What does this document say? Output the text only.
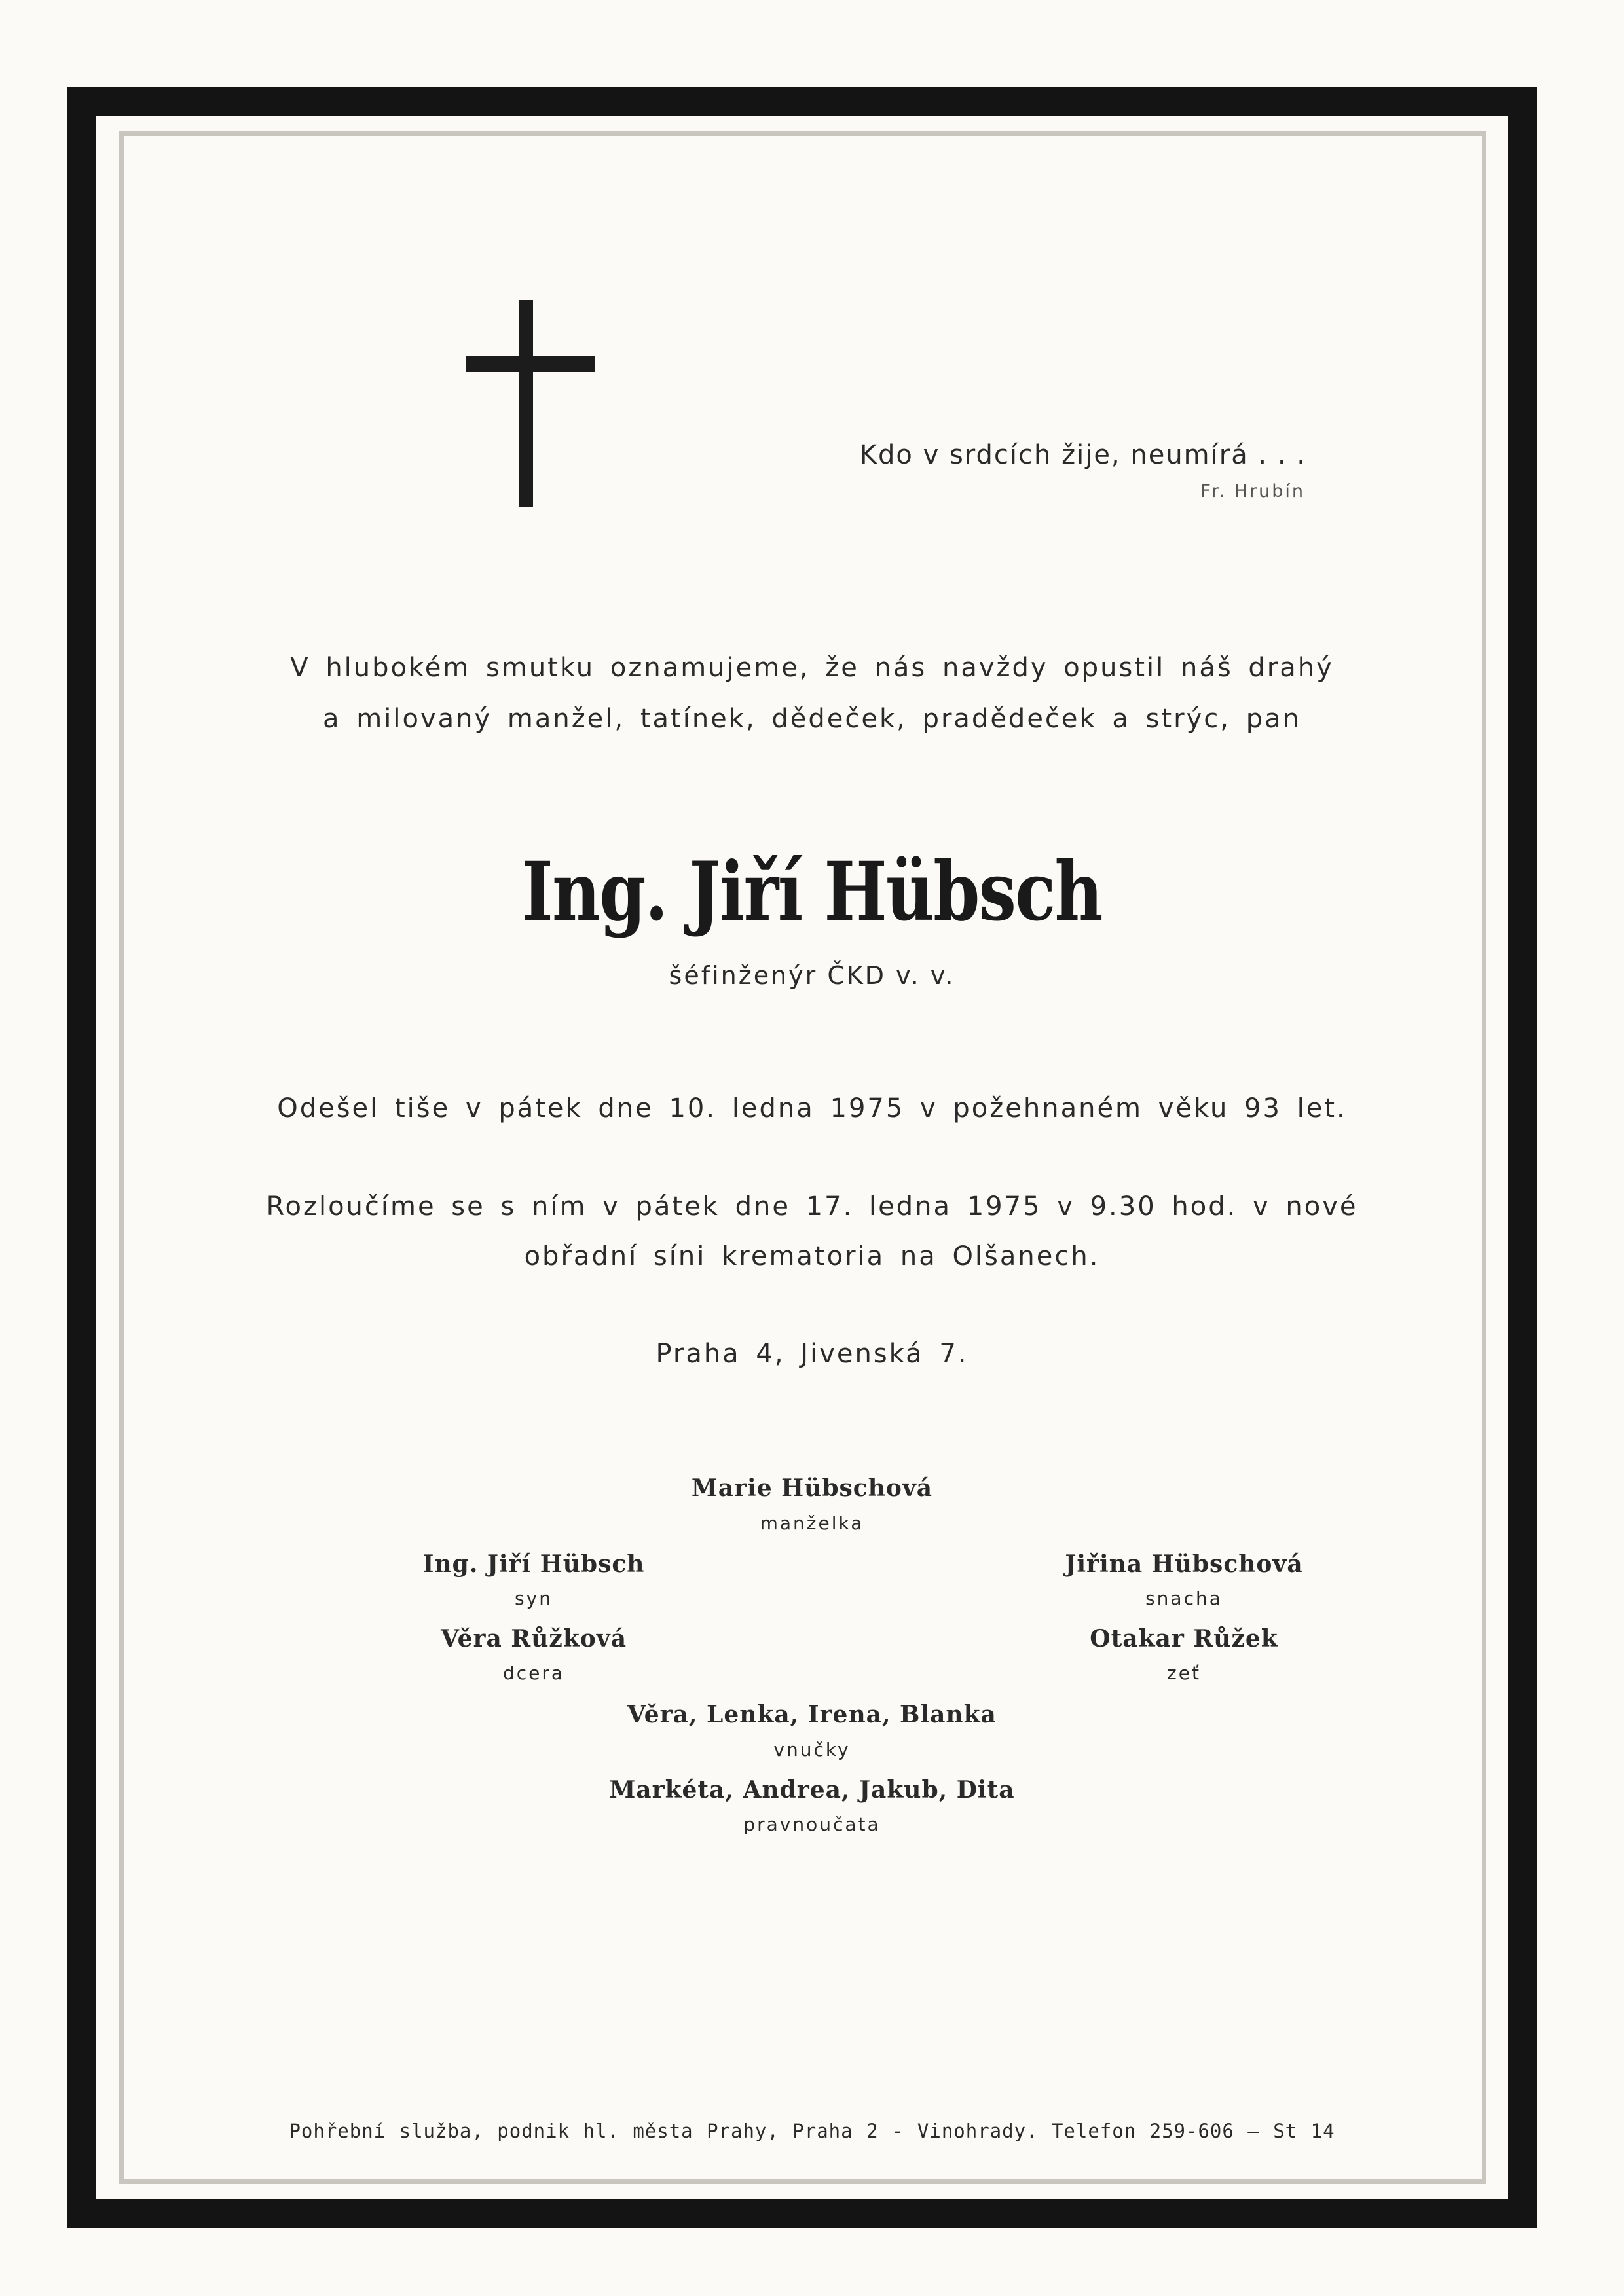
Kdo v srdcích žije, neumírá . . .
Fr. Hrubín
V hlubokém smutku oznamujeme, že nás navždy opustil náš drahý
a milovaný manžel, tatínek, dědeček, pradědeček a strýc, pan
Ing. Jiří Hübsch
šéfinženýr ČKD v. v.
Odešel tiše v pátek dne 10. ledna 1975 v požehnaném věku 93 let.
Rozloučíme se s ním v pátek dne 17. ledna 1975 v 9.30 hod. v nové
obřadní síni krematoria na Olšanech.
Praha 4, Jivenská 7.
Marie Hübschová
manželka
Ing. Jiří Hübsch
syn
Jiřina Hübschová
snacha
Věra Růžková
dcera
Otakar Růžek
zeť
Věra, Lenka, Irena, Blanka
vnučky
Markéta, Andrea, Jakub, Dita
pravnoučata
Pohřební služba, podnik hl. města Prahy, Praha 2 - Vinohrady. Telefon 259-606 — St 14
